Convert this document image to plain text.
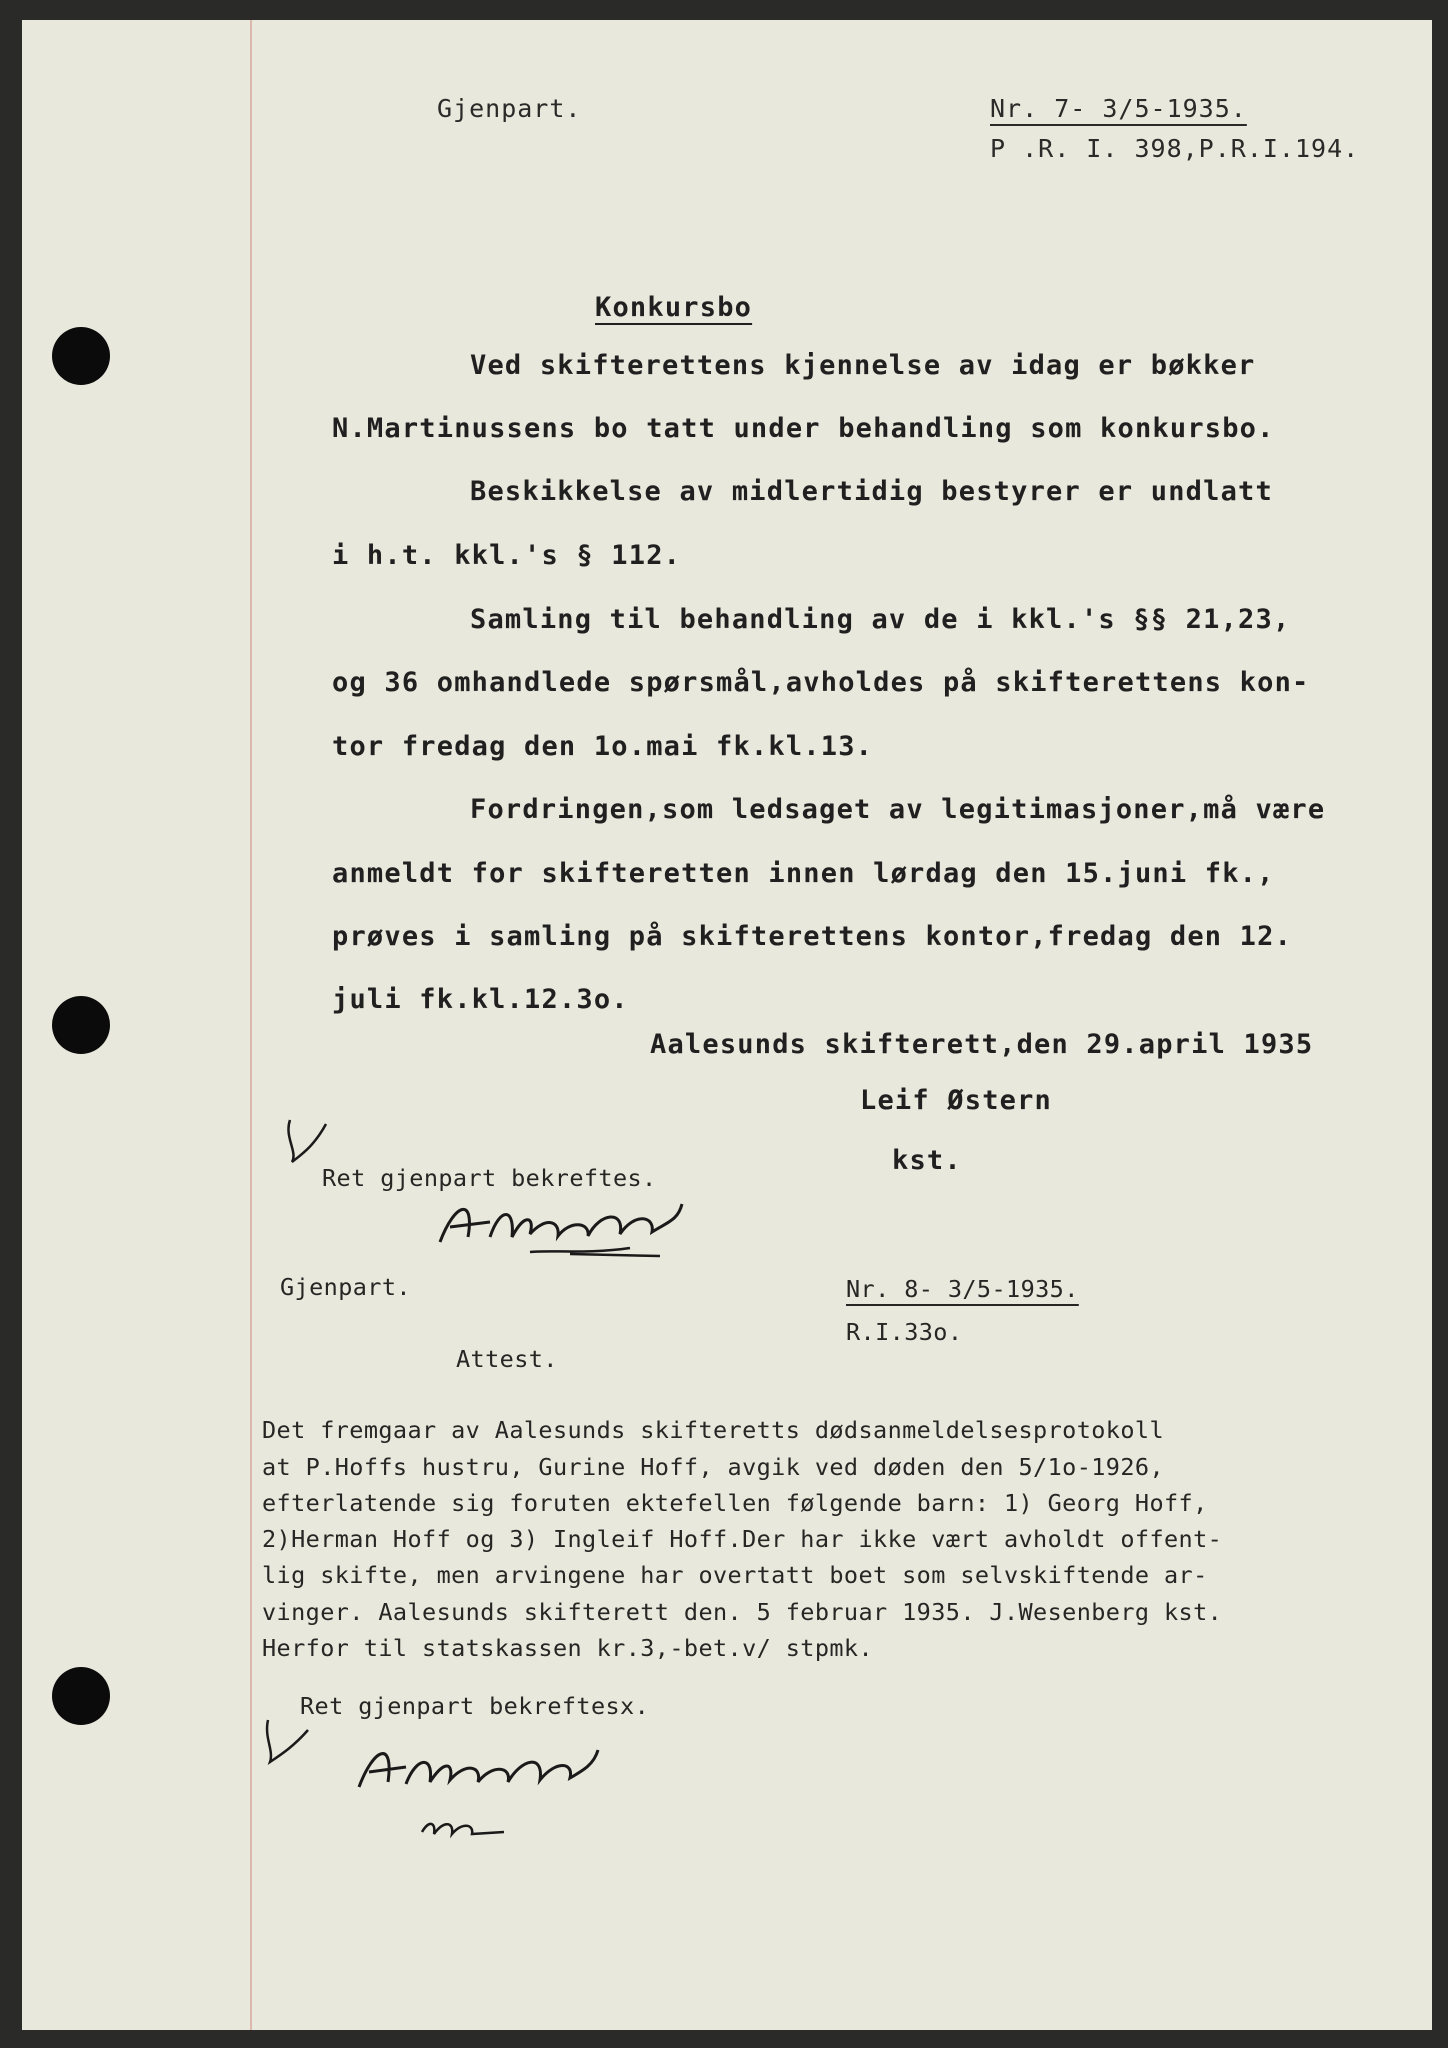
Gjenpart.	Nr. 7- 3/5-1935.
P .R. I. 398,P.R.I.194.
Konkursbo
Ved skifterettens kjennelse av idag er bøkker
N.Martinussens bo tatt under behandling som konkursbo.
Beskikkelse av midlertidig bestyrer er undlatt
i h.t. kkl.'s § 112.
Samling til behandling av de i kkl.'s §§ 21,23,
og 36 omhandlede spørsmål,avholdes på skifterettens kon-
tor fredag den 1o.mai fk.kl.13.
Fordringen,som ledsaget av legitimasjoner,må være
anmeldt for skifteretten innen lørdag den 15.juni fk.,
prøves i samling på skifterettens kontor,fredag den 12.
juli fk.kl.12.3o.
Aalesunds skifterett,den 29.april 1935
Leif Østern
kst.
Ret gjenpart bekreftes.
Gjenpart.	Nr. 8- 3/5-1935.
R.I.33o.
Attest.
Det fremgaar av Aalesunds skifteretts dødsanmeldelsesprotokoll
at P.Hoffs hustru, Gurine Hoff, avgik ved døden den 5/1o-1926,
efterlatende sig foruten ektefellen følgende barn: 1) Georg Hoff,
2)Herman Hoff og 3) Ingleif Hoff.Der har ikke vært avholdt offent-
lig skifte, men arvingene har overtatt boet som selvskiftende ar-
vinger. Aalesunds skifterett den. 5 februar 1935. J.Wesenberg kst.
Herfor til statskassen kr.3,-bet.v/ stpmk.
Ret gjenpart bekreftesx.
